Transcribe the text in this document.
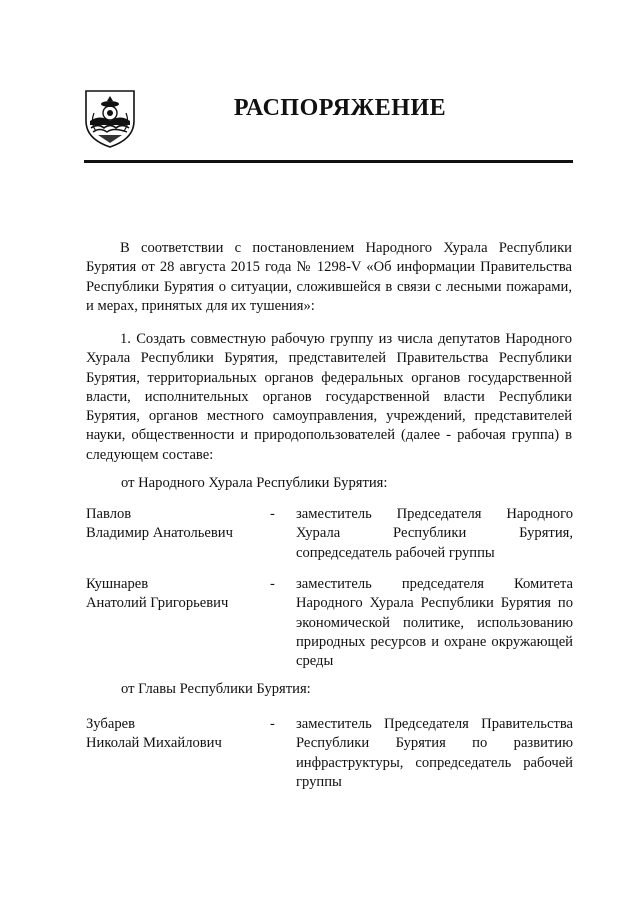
РАСПОРЯЖЕНИЕ

В соответствии с постановлением Народного Хурала Республики Бурятия от 28 августа 2015 года № 1298-V «Об информации Правительства Республики Бурятия о ситуации, сложившейся в связи с лесными пожарами, и мерах, принятых для их тушения»:

1. Создать совместную рабочую группу из числа депутатов Народного Хурала Республики Бурятия, представителей Правительства Республики Бурятия, территориальных органов федеральных органов государственной власти, исполнительных органов государственной власти Республики Бурятия, органов местного самоуправления, учреждений, представителей науки, общественности и природопользователей (далее - рабочая группа) в следующем составе:

от Народного Хурала Республики Бурятия:
Павлов
Владимир Анатольевич
- заместитель Председателя Народного Хурала Республики Бурятия, сопредседатель рабочей группы
Кушнарев
Анатолий Григорьевич
- заместитель председателя Комитета Народного Хурала Республики Бурятия по экономической политике, использованию природных ресурсов и охране окружающей среды
от Главы Республики Бурятия:
Зубарев
Николай Михайлович
- заместитель Председателя Правительства Республики Бурятия по развитию инфраструктуры, сопредседатель рабочей группы
